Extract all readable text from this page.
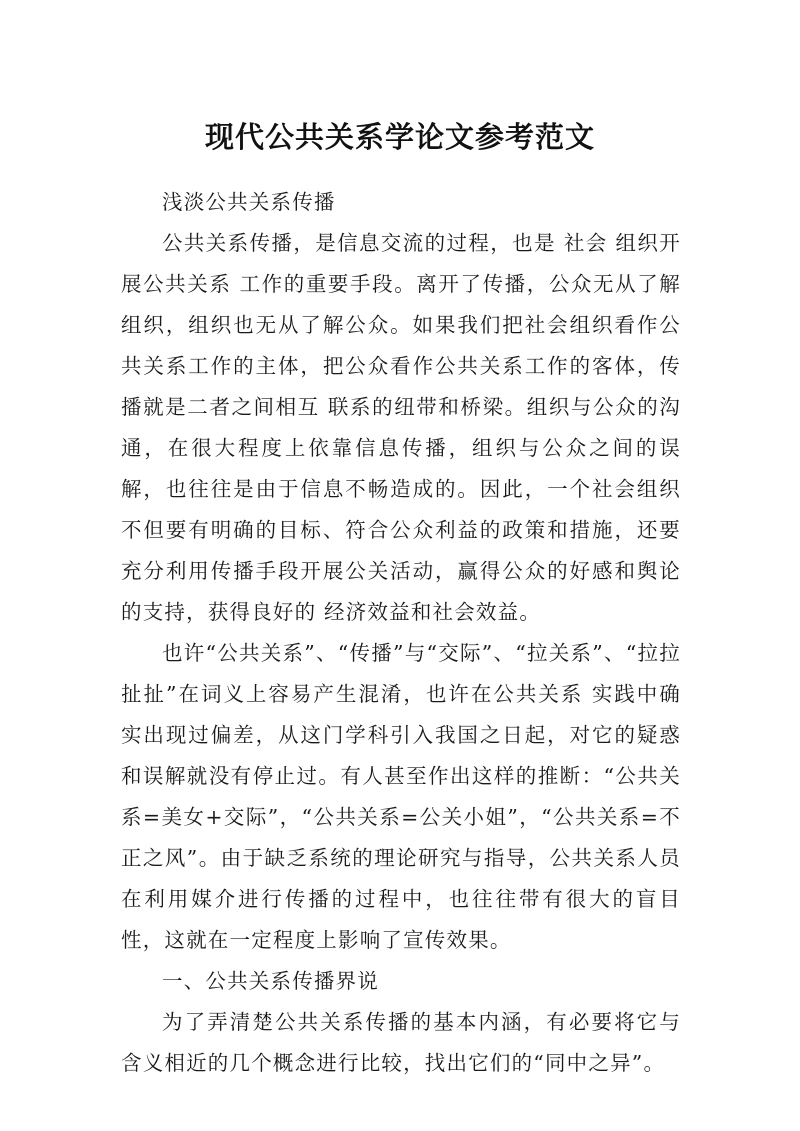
现代公共关系学论文参考范文

浅淡公共关系传播

公共关系传播，是信息交流的过程，也是 社会 组织开展公共关系 工作的重要手段。离开了传播，公众无从了解组织，组织也无从了解公众。如果我们把社会组织看作公共关系工作的主体，把公众看作公共关系工作的客体，传播就是二者之间相互 联系的纽带和桥梁。组织与公众的沟通，在很大程度上依靠信息传播，组织与公众之间的误解，也往往是由于信息不畅造成的。因此，一个社会组织不但要有明确的目标、符合公众利益的政策和措施，还要充分利用传播手段开展公关活动，赢得公众的好感和舆论的支持，获得良好的 经济效益和社会效益。

也许“公共关系”、“传播”与“交际”、“拉关系”、“拉拉扯扯”在词义上容易产生混淆，也许在公共关系 实践中确实出现过偏差，从这门学科引入我国之日起，对它的疑惑和误解就没有停止过。有人甚至作出这样的推断：“公共关系=美女+交际”，“公共关系=公关小姐”，“公共关系=不正之风”。由于缺乏系统的理论研究与指导，公共关系人员在利用媒介进行传播的过程中，也往往带有很大的盲目性，这就在一定程度上影响了宣传效果。

一、公共关系传播界说

为了弄清楚公共关系传播的基本内涵，有必要将它与含义相近的几个概念进行比较，找出它们的“同中之异”。
